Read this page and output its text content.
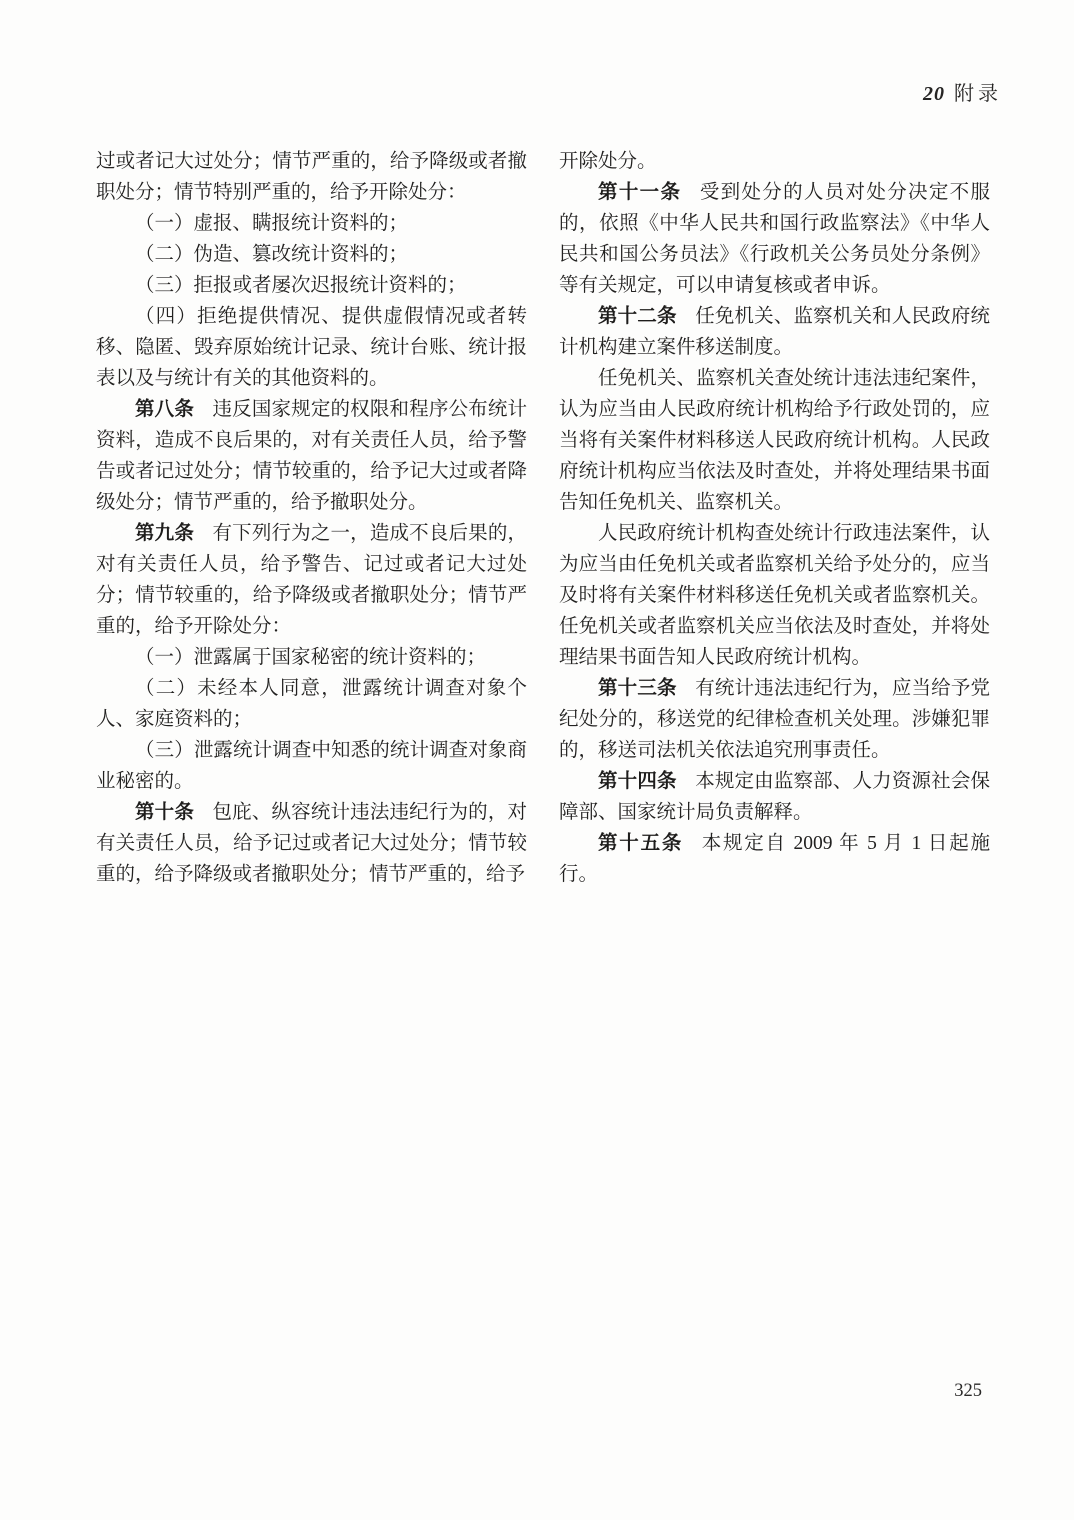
20 附录

过或者记大过处分；情节严重的，给予降级或者撤职处分；情节特别严重的，给予开除处分：

（一）虚报、瞒报统计资料的；

（二）伪造、篡改统计资料的；

（三）拒报或者屡次迟报统计资料的；

（四）拒绝提供情况、提供虚假情况或者转移、隐匿、毁弃原始统计记录、统计台账、统计报表以及与统计有关的其他资料的。

第八条 违反国家规定的权限和程序公布统计资料，造成不良后果的，对有关责任人员，给予警告或者记过处分；情节较重的，给予记大过或者降级处分；情节严重的，给予撤职处分。

第九条 有下列行为之一，造成不良后果的，对有关责任人员，给予警告、记过或者记大过处分；情节较重的，给予降级或者撤职处分；情节严重的，给予开除处分：

（一）泄露属于国家秘密的统计资料的；

（二）未经本人同意，泄露统计调查对象个人、家庭资料的；

（三）泄露统计调查中知悉的统计调查对象商业秘密的。

第十条 包庇、纵容统计违法违纪行为的，对有关责任人员，给予记过或者记大过处分；情节较重的，给予降级或者撤职处分；情节严重的，给予

开除处分。

第十一条 受到处分的人员对处分决定不服的，依照《中华人民共和国行政监察法》《中华人民共和国公务员法》《行政机关公务员处分条例》等有关规定，可以申请复核或者申诉。

第十二条 任免机关、监察机关和人民政府统计机构建立案件移送制度。

任免机关、监察机关查处统计违法违纪案件，认为应当由人民政府统计机构给予行政处罚的，应当将有关案件材料移送人民政府统计机构。人民政府统计机构应当依法及时查处，并将处理结果书面告知任免机关、监察机关。

人民政府统计机构查处统计行政违法案件，认为应当由任免机关或者监察机关给予处分的，应当及时将有关案件材料移送任免机关或者监察机关。任免机关或者监察机关应当依法及时查处，并将处理结果书面告知人民政府统计机构。

第十三条 有统计违法违纪行为，应当给予党纪处分的，移送党的纪律检查机关处理。涉嫌犯罪的，移送司法机关依法追究刑事责任。

第十四条 本规定由监察部、人力资源社会保障部、国家统计局负责解释。

第十五条 本规定自 2009 年 5 月 1 日起施行。

325
